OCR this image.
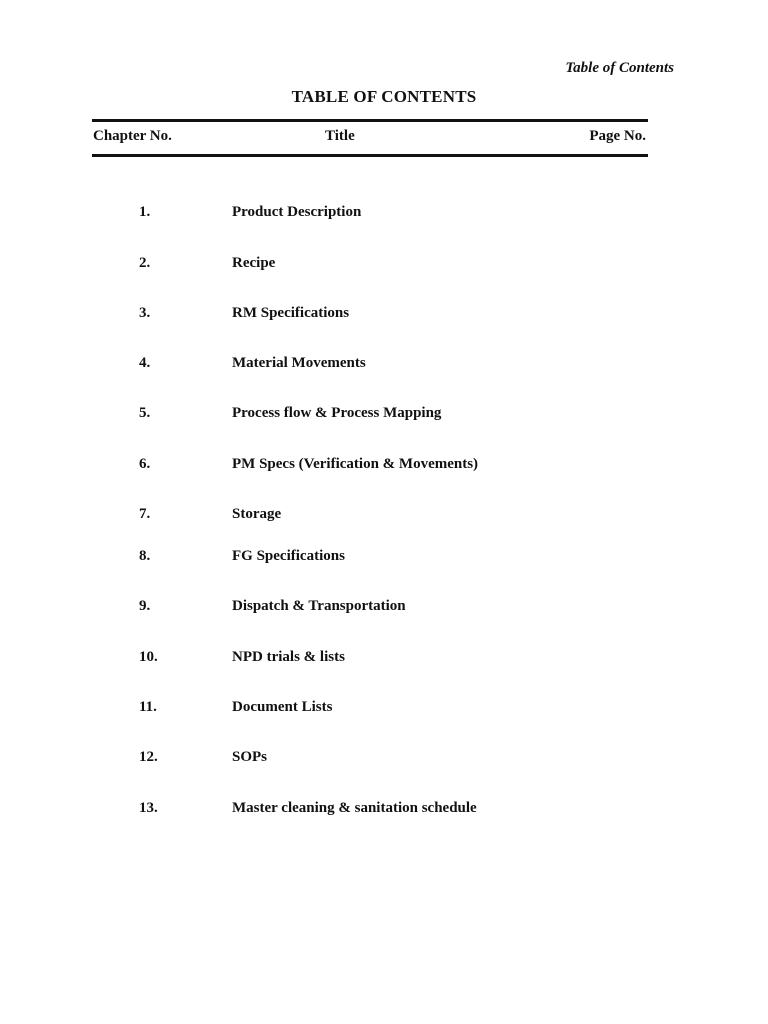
Table of Contents
TABLE OF CONTENTS
Chapter No.	Title	Page No.
1.	Product Description
2.	Recipe
3.	RM Specifications
4.	Material Movements
5.	Process flow & Process Mapping
6.	PM Specs (Verification & Movements)
7.	Storage
8.	FG Specifications
9.	Dispatch & Transportation
10.	NPD trials & lists
11.	Document Lists
12.	SOPs
13.	Master cleaning & sanitation schedule
